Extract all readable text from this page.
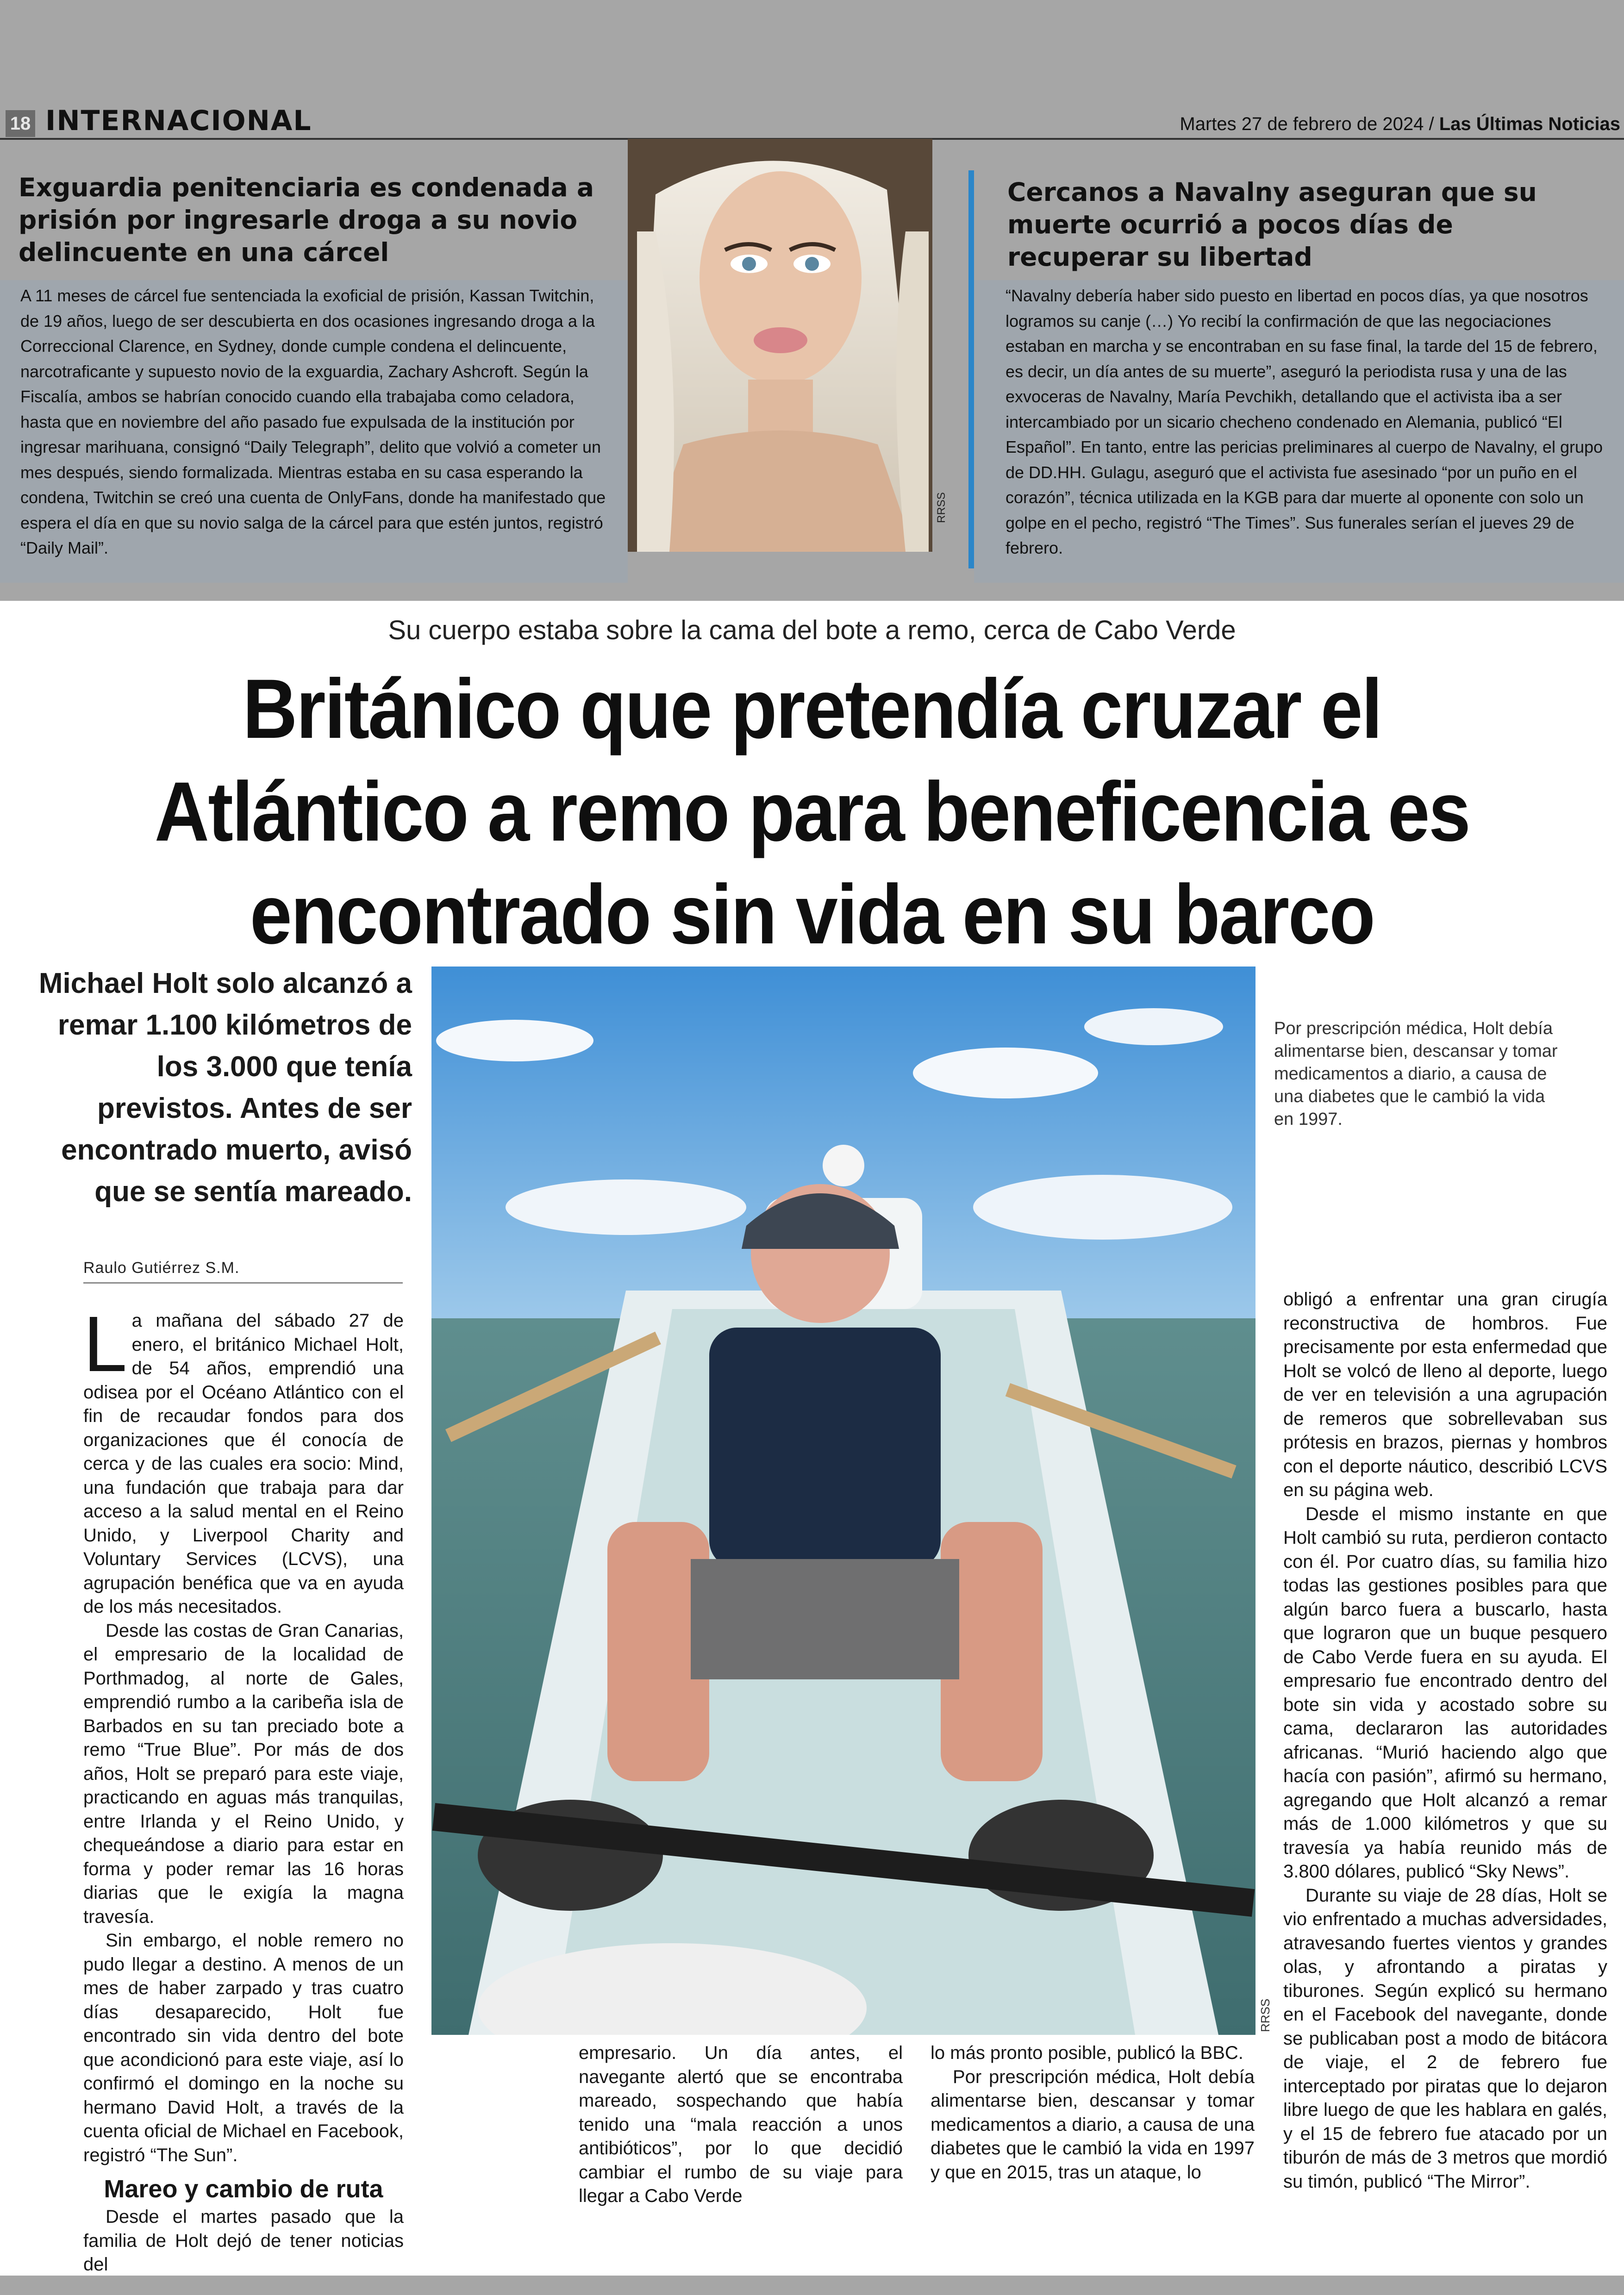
18 INTERNACIONAL	Martes 27 de febrero de 2024 / Las Últimas Noticias
Exguardia penitenciaria es condenada a prisión por ingresarle droga a su novio delincuente en una cárcel
A 11 meses de cárcel fue sentenciada la exoficial de prisión, Kassan Twitchin, de 19 años, luego de ser descubierta en dos ocasiones ingresando droga a la Correccional Clarence, en Sydney, donde cumple condena el delincuente, narcotraficante y supuesto novio de la exguardia, Zachary Ashcroft. Según la Fiscalía, ambos se habrían conocido cuando ella trabajaba como celadora, hasta que en noviembre del año pasado fue expulsada de la institución por ingresar marihuana, consignó “Daily Telegraph”, delito que volvió a cometer un mes después, siendo formalizada. Mientras estaba en su casa esperando la condena, Twitchin se creó una cuenta de OnlyFans, donde ha manifestado que espera el día en que su novio salga de la cárcel para que estén juntos, registró “Daily Mail”.
RRSS
Cercanos a Navalny aseguran que su muerte ocurrió a pocos días de recuperar su libertad
“Navalny debería haber sido puesto en libertad en pocos días, ya que nosotros logramos su canje (…) Yo recibí la confirmación de que las negociaciones estaban en marcha y se encontraban en su fase final, la tarde del 15 de febrero, es decir, un día antes de su muerte”, aseguró la periodista rusa y una de las exvoceras de Navalny, María Pevchikh, detallando que el activista iba a ser intercambiado por un sicario checheno condenado en Alemania, publicó “El Español”. En tanto, entre las pericias preliminares al cuerpo de Navalny, el grupo de DD.HH. Gulagu, aseguró que el activista fue asesinado “por un puño en el corazón”, técnica utilizada en la KGB para dar muerte al oponente con solo un golpe en el pecho, registró “The Times”. Sus funerales serían el jueves 29 de febrero.
Su cuerpo estaba sobre la cama del bote a remo, cerca de Cabo Verde
Británico que pretendía cruzar el Atlántico a remo para beneficencia es encontrado sin vida en su barco
Michael Holt solo alcanzó a remar 1.100 kilómetros de los 3.000 que tenía previstos. Antes de ser encontrado muerto, avisó que se sentía mareado.
RRSS
Por prescripción médica, Holt debía alimentarse bien, descansar y tomar medicamentos a diario, a causa de una diabetes que le cambió la vida en 1997.
Raulo Gutiérrez S.M.

La mañana del sábado 27 de enero, el británico Michael Holt, de 54 años, emprendió una odisea por el Océano Atlántico con el fin de recaudar fondos para dos organizaciones que él conocía de cerca y de las cuales era socio: Mind, una fundación que trabaja para dar acceso a la salud mental en el Reino Unido, y Liverpool Charity and Voluntary Services (LCVS), una agrupación benéfica que va en ayuda de los más necesitados.

Desde las costas de Gran Canarias, el empresario de la localidad de Porthmadog, al norte de Gales, emprendió rumbo a la caribeña isla de Barbados en su tan preciado bote a remo “True Blue”. Por más de dos años, Holt se preparó para este viaje, practicando en aguas más tranquilas, entre Irlanda y el Reino Unido, y chequeándose a diario para estar en forma y poder remar las 16 horas diarias que le exigía la magna travesía.

Sin embargo, el noble remero no pudo llegar a destino. A menos de un mes de haber zarpado y tras cuatro días desaparecido, Holt fue encontrado sin vida dentro del bote que acondicionó para este viaje, así lo confirmó el domingo en la noche su hermano David Holt, a través de la cuenta oficial de Michael en Facebook, registró “The Sun”.

Mareo y cambio de ruta

Desde el martes pasado que la familia de Holt dejó de tener noticias del

empresario. Un día antes, el navegante alertó que se encontraba mareado, sospechando que había tenido una “mala reacción a unos antibióticos”, por lo que decidió cambiar el rumbo de su viaje para llegar a Cabo Verde

lo más pronto posible, publicó la BBC.

Por prescripción médica, Holt debía alimentarse bien, descansar y tomar medicamentos a diario, a causa de una diabetes que le cambió la vida en 1997 y que en 2015, tras un ataque, lo

obligó a enfrentar una gran cirugía reconstructiva de hombros. Fue precisamente por esta enfermedad que Holt se volcó de lleno al deporte, luego de ver en televisión a una agrupación de remeros que sobrellevaban sus prótesis en brazos, piernas y hombros con el deporte náutico, describió LCVS en su página web.

Desde el mismo instante en que Holt cambió su ruta, perdieron contacto con él. Por cuatro días, su familia hizo todas las gestiones posibles para que algún barco fuera a buscarlo, hasta que lograron que un buque pesquero de Cabo Verde fuera en su ayuda. El empresario fue encontrado dentro del bote sin vida y acostado sobre su cama, declararon las autoridades africanas. “Murió haciendo algo que hacía con pasión”, afirmó su hermano, agregando que Holt alcanzó a remar más de 1.000 kilómetros y que su travesía ya había reunido más de 3.800 dólares, publicó “Sky News”.

Durante su viaje de 28 días, Holt se vio enfrentado a muchas adversidades, atravesando fuertes vientos y grandes olas, y afrontando a piratas y tiburones. Según explicó su hermano en el Facebook del navegante, donde se publicaban post a modo de bitácora de viaje, el 2 de febrero fue interceptado por piratas que lo dejaron libre luego de que les hablara en galés, y el 15 de febrero fue atacado por un tiburón de más de 3 metros que mordió su timón, publicó “The Mirror”.
